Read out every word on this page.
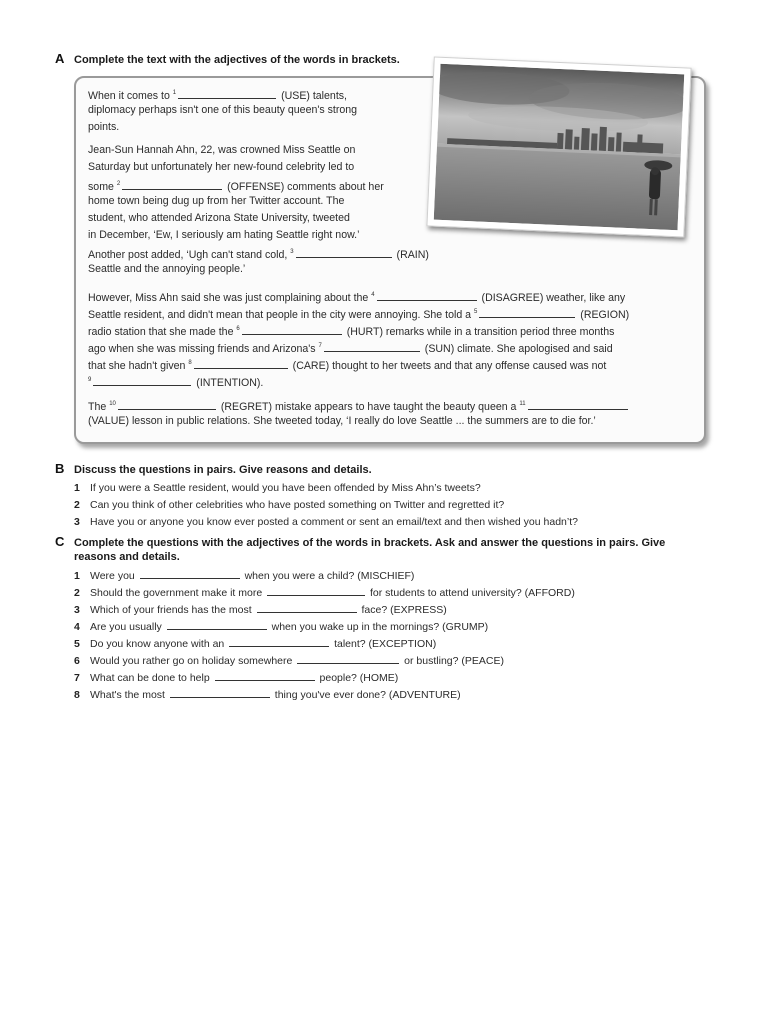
A Complete the text with the adjectives of the words in brackets.
When it comes to $^1$	(USE) talents,
diplomacy perhaps isn't one of this beauty queen's strong
points.
Jean-Sun Hannah Ahn, 22, was crowned Miss Seattle on
Saturday but unfortunately her new-found celebrity led to
some $^2$	(OFFENSE) comments about her
home town being dug up from her Twitter account. The
student, who attended Arizona State University, tweeted
in December, ‘Ew, I seriously am hating Seattle right now.’
Another post added, ‘Ugh can't stand cold, $^3$	(RAIN)
Seattle and the annoying people.’
However, Miss Ahn said she was just complaining about the $^4$	(DISAGREE) weather, like any
Seattle resident, and didn't mean that people in the city were annoying. She told a $^5$	(REGION)
radio station that she made the $^6$	(HURT) remarks while in a transition period three months
ago when she was missing friends and Arizona's $^7$	(SUN) climate. She apologised and said
that she hadn't given $^8$	(CARE) thought to her tweets and that any offense caused was not
$^9$	(INTENTION).
The $^{10}$	(REGRET) mistake appears to have taught the beauty queen a $^{11}$
(VALUE) lesson in public relations. She tweeted today, ‘I really do love Seattle ... the summers are to die for.’
B Discuss the questions in pairs. Give reasons and details.
1 If you were a Seattle resident, would you have been offended by Miss Ahn’s tweets?
2 Can you think of other celebrities who have posted something on Twitter and regretted it?
3 Have you or anyone you know ever posted a comment or sent an email/text and then wished you hadn’t?
C Complete the questions with the adjectives of the words in brackets. Ask and answer the questions in pairs. Give
reasons and details.
1 Were you	when you were a child? (MISCHIEF)
2 Should the government make it more	for students to attend university? (AFFORD)
3 Which of your friends has the most	face? (EXPRESS)
4 Are you usually	when you wake up in the mornings? (GRUMP)
5 Do you know anyone with an	talent? (EXCEPTION)
6 Would you rather go on holiday somewhere	or bustling? (PEACE)
7 What can be done to help	people? (HOME)
8 What's the most	thing you've ever done? (ADVENTURE)
